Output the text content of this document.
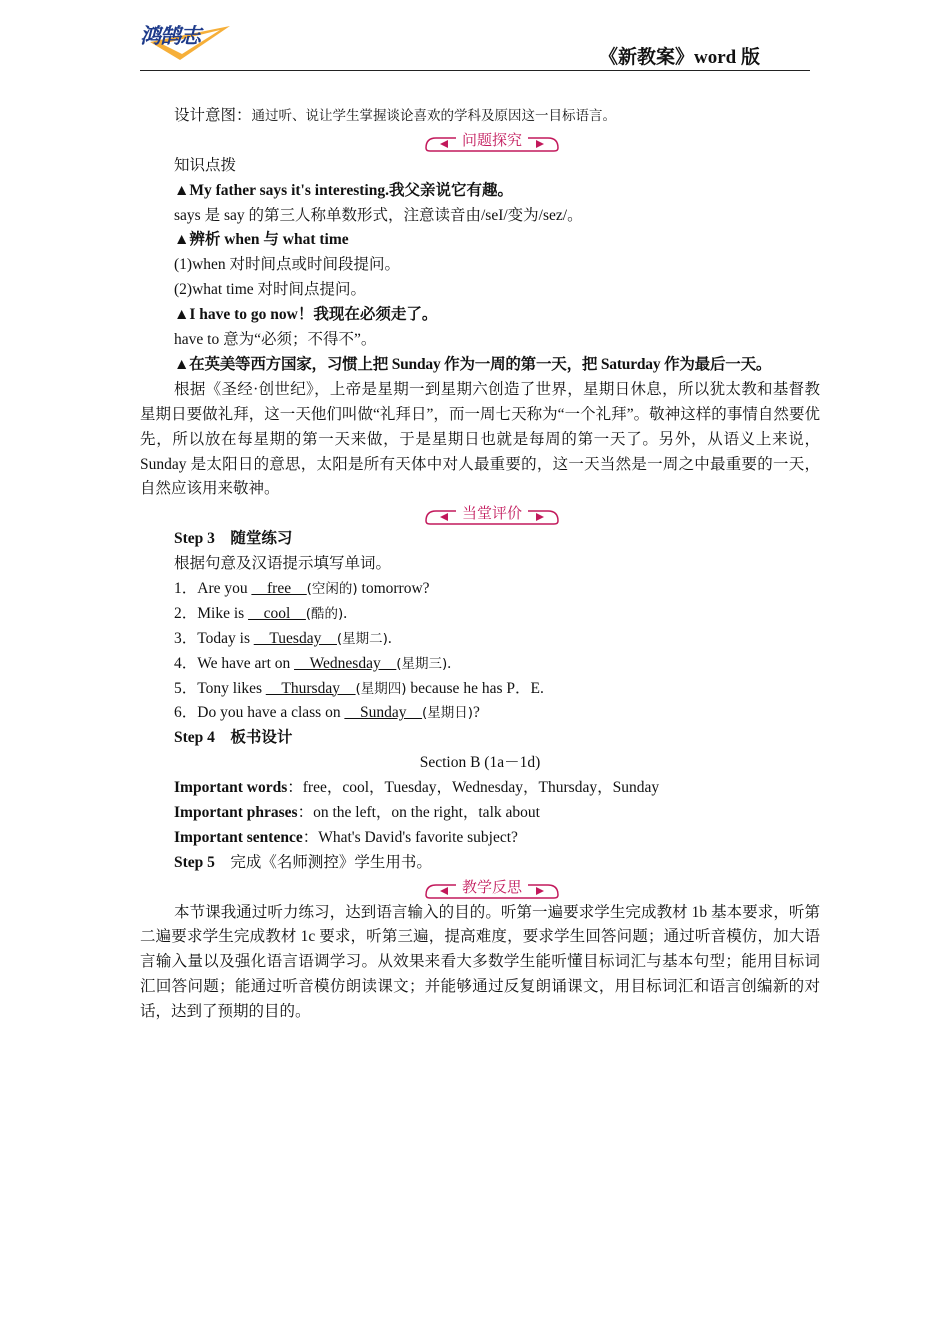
鸿鹄志
《新教案》word 版
设计意图：通过听、说让学生掌握谈论喜欢的学科及原因这一目标语言。
问题探究
知识点拨
▲My father says it's interesting.我父亲说它有趣。
says 是 say 的第三人称单数形式，注意读音由/seI/变为/sez/。
▲辨析 when 与 what time
(1)when 对时间点或时间段提问。
(2)what time 对时间点提问。
▲I have to go now！我现在必须走了。
have to 意为“必须；不得不”。
▲在英美等西方国家，习惯上把 Sunday 作为一周的第一天，把 Saturday 作为最后一天。
根据《圣经·创世纪》，上帝是星期一到星期六创造了世界，星期日休息，所以犹太教和基督教星期日要做礼拜，这一天他们叫做“礼拜日”，而一周七天称为“一个礼拜”。敬神这样的事情自然要优先，所以放在每星期的第一天来做，于是星期日也就是每周的第一天了。另外，从语义上来说，Sunday 是太阳日的意思，太阳是所有天体中对人最重要的，这一天当然是一周之中最重要的一天，自然应该用来敬神。
当堂评价
Step 3　随堂练习
根据句意及汉语提示填写单词。
1．Are you __free__(空闲的) tomorrow?
2．Mike is __cool__(酷的).
3．Today is __Tuesday__(星期二).
4．We have art on __Wednesday__(星期三).
5．Tony likes __Thursday__(星期四) because he has P．E.
6．Do you have a class on __Sunday__(星期日)?
Step 4　板书设计
Section B (1a－1d)
Important words：free，cool，Tuesday，Wednesday，Thursday，Sunday
Important phrases：on the left，on the right，talk about
Important sentence：What's David's favorite subject?
Step 5　完成《名师测控》学生用书。
教学反思
本节课我通过听力练习，达到语言输入的目的。听第一遍要求学生完成教材 1b 基本要求，听第二遍要求学生完成教材 1c 要求，听第三遍，提高难度，要求学生回答问题；通过听音模仿，加大语言输入量以及强化语言语调学习。从效果来看大多数学生能听懂目标词汇与基本句型；能用目标词汇回答问题；能通过听音模仿朗读课文；并能够通过反复朗诵课文，用目标词汇和语言创编新的对话，达到了预期的目的。
